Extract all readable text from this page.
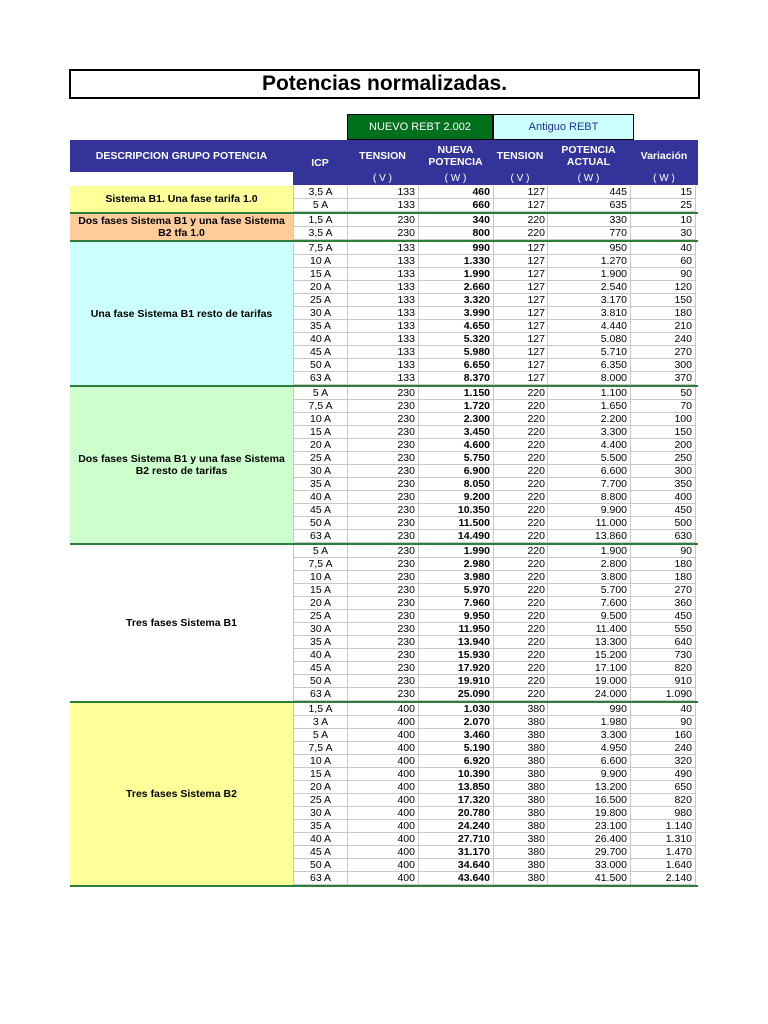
Potencias normalizadas.
NUEVO REBT 2.002	Antiguo REBT
DESCRIPCION GRUPO POTENCIA
ICP
TENSION	NUEVA POTENCIA	TENSION	POTENCIA ACTUAL	Variación
( V )	( W )	( V )	( W )	( W )
Sistema B1. Una fase tarifa 1.0
3,5 A	133	460	127	445	15
5 A	133	660	127	635	25
Dos fases Sistema B1 y una fase Sistema B2 tfa 1.0
1,5 A	230	340	220	330	10
3,5 A	230	800	220	770	30
Una fase Sistema B1 resto de tarifas
7,5 A	133	990	127	950	40
10 A	133	1.330	127	1.270	60
15 A	133	1.990	127	1.900	90
20 A	133	2.660	127	2.540	120
25 A	133	3.320	127	3.170	150
30 A	133	3.990	127	3.810	180
35 A	133	4.650	127	4.440	210
40 A	133	5.320	127	5.080	240
45 A	133	5.980	127	5.710	270
50 A	133	6.650	127	6.350	300
63 A	133	8.370	127	8.000	370
Dos fases Sistema B1 y una fase Sistema B2 resto de tarifas
5 A	230	1.150	220	1.100	50
7,5 A	230	1.720	220	1.650	70
10 A	230	2.300	220	2.200	100
15 A	230	3.450	220	3.300	150
20 A	230	4.600	220	4.400	200
25 A	230	5.750	220	5.500	250
30 A	230	6.900	220	6.600	300
35 A	230	8.050	220	7.700	350
40 A	230	9.200	220	8.800	400
45 A	230	10.350	220	9.900	450
50 A	230	11.500	220	11.000	500
63 A	230	14.490	220	13.860	630
Tres fases Sistema B1
5 A	230	1.990	220	1.900	90
7,5 A	230	2.980	220	2.800	180
10 A	230	3.980	220	3.800	180
15 A	230	5.970	220	5.700	270
20 A	230	7.960	220	7.600	360
25 A	230	9.950	220	9.500	450
30 A	230	11.950	220	11.400	550
35 A	230	13.940	220	13.300	640
40 A	230	15.930	220	15.200	730
45 A	230	17.920	220	17.100	820
50 A	230	19.910	220	19.000	910
63 A	230	25.090	220	24.000	1.090
Tres fases Sistema B2
1,5 A	400	1.030	380	990	40
3 A	400	2.070	380	1.980	90
5 A	400	3.460	380	3.300	160
7,5 A	400	5.190	380	4.950	240
10 A	400	6.920	380	6.600	320
15 A	400	10.390	380	9.900	490
20 A	400	13.850	380	13.200	650
25 A	400	17.320	380	16.500	820
30 A	400	20.780	380	19.800	980
35 A	400	24.240	380	23.100	1.140
40 A	400	27.710	380	26.400	1.310
45 A	400	31.170	380	29.700	1.470
50 A	400	34.640	380	33.000	1.640
63 A	400	43.640	380	41.500	2.140
